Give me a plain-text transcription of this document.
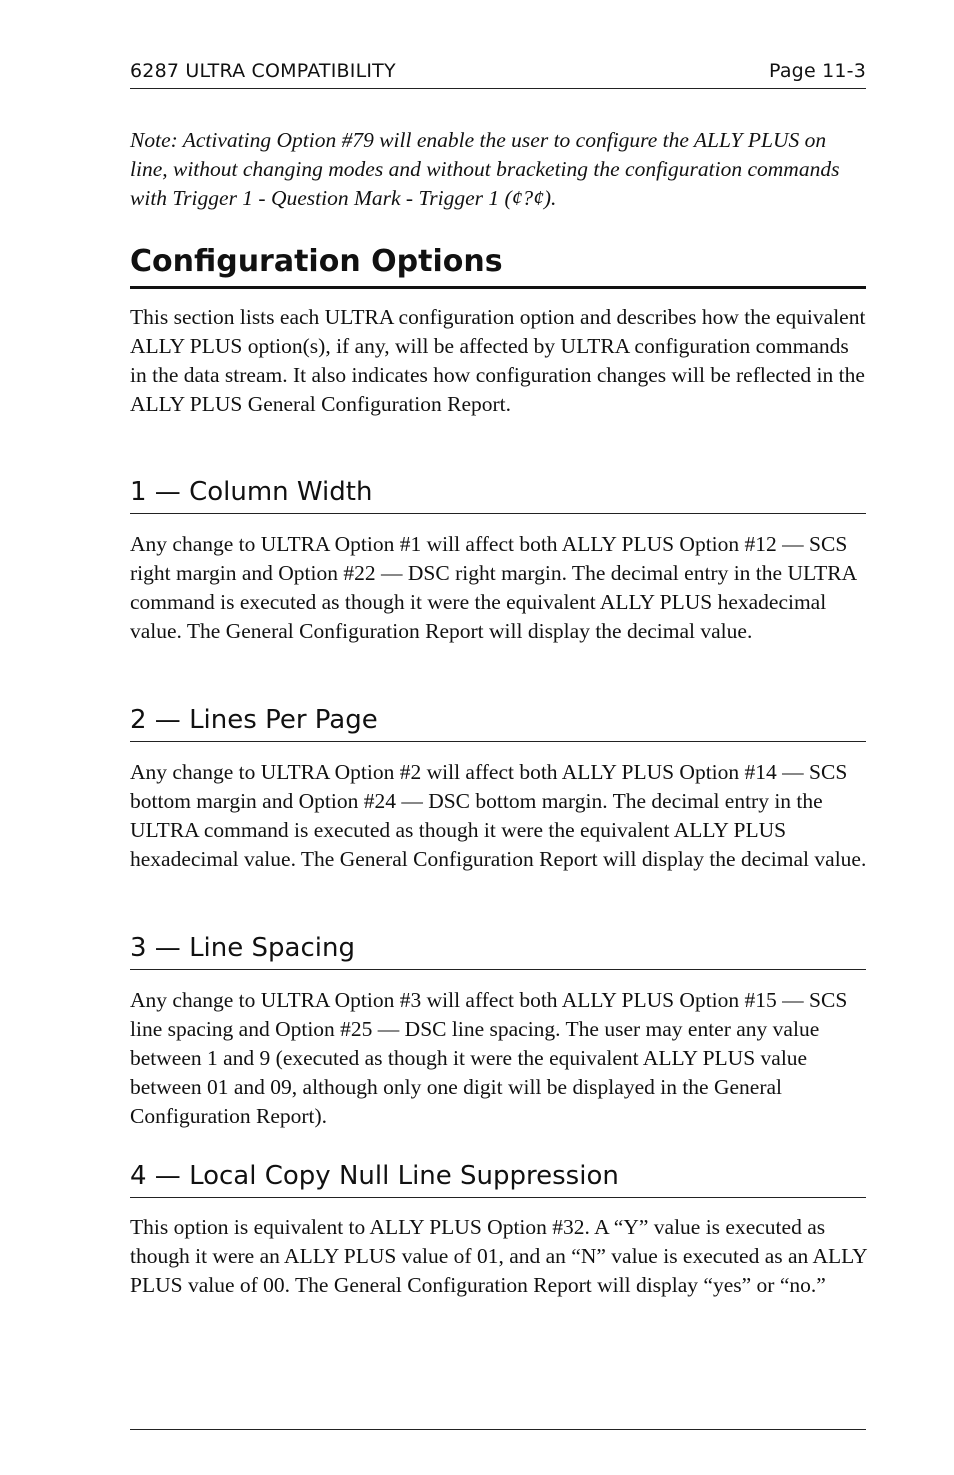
6287 ULTRA COMPATIBILITY	Page 11-3
Note: Activating Option #79 will enable the user to configure the ALLY PLUS on line, without changing modes and without bracketing the configuration commands with Trigger 1 - Question Mark - Trigger 1 (¢?¢).
Configuration Options

This section lists each ULTRA configuration option and describes how the equivalent ALLY PLUS option(s), if any, will be affected by ULTRA configuration commands in the data stream. It also indicates how configuration changes will be reflected in the ALLY PLUS General Configuration Report.

1 — Column Width

Any change to ULTRA Option #1 will affect both ALLY PLUS Option #12 — SCS right margin and Option #22 — DSC right margin. The decimal entry in the ULTRA command is executed as though it were the equivalent ALLY PLUS hexadecimal value. The General Configuration Report will display the decimal value.

2 — Lines Per Page

Any change to ULTRA Option #2 will affect both ALLY PLUS Option #14 — SCS bottom margin and Option #24 — DSC bottom margin. The decimal entry in the ULTRA command is executed as though it were the equivalent ALLY PLUS hexadecimal value. The General Configuration Report will display the decimal value.

3 — Line Spacing

Any change to ULTRA Option #3 will affect both ALLY PLUS Option #15 — SCS line spacing and Option #25 — DSC line spacing. The user may enter any value between 1 and 9 (executed as though it were the equivalent ALLY PLUS value between 01 and 09, although only one digit will be displayed in the General Configuration Report).

4 — Local Copy Null Line Suppression

This option is equivalent to ALLY PLUS Option #32. A “Y” value is executed as though it were an ALLY PLUS value of 01, and an “N” value is executed as an ALLY PLUS value of 00. The General Configuration Report will display “yes” or “no.”
